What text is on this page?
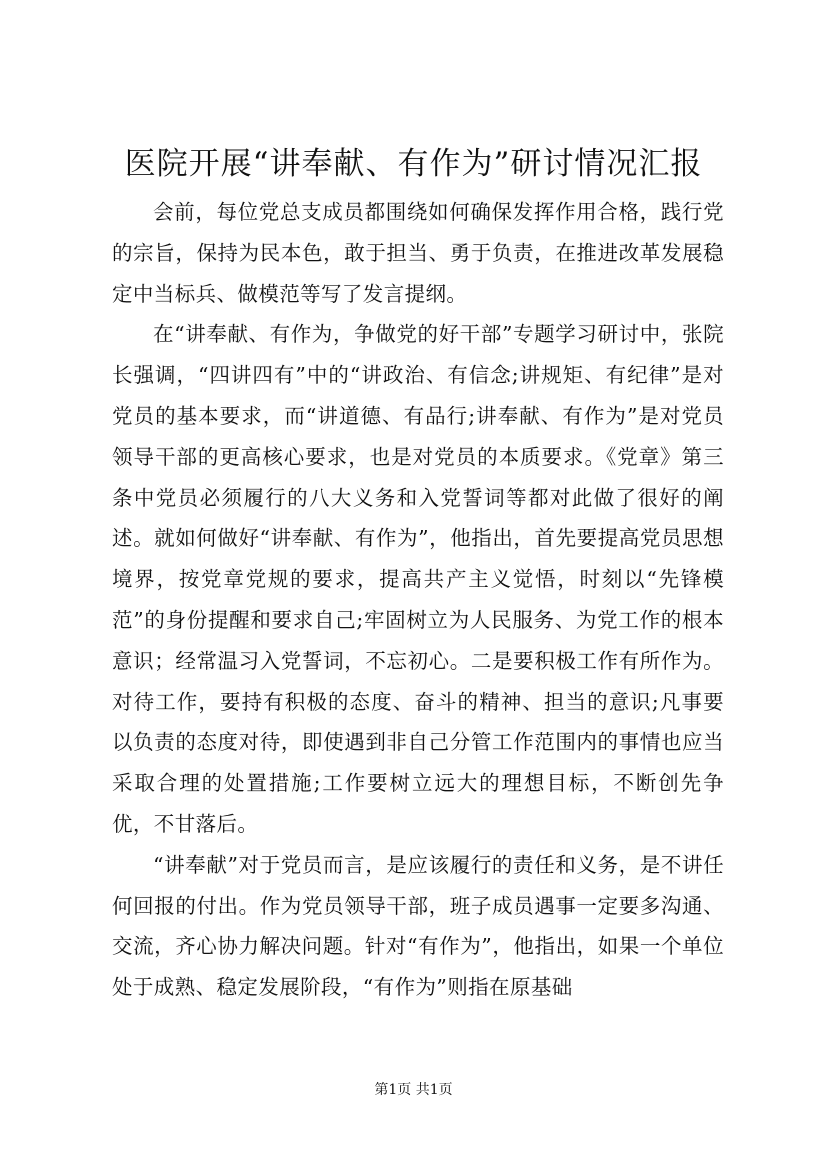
医院开展“讲奉献、有作为”研讨情况汇报

会前，每位党总支成员都围绕如何确保发挥作用合格，践行党的宗旨，保持为民本色，敢于担当、勇于负责，在推进改革发展稳定中当标兵、做模范等写了发言提纲。

在“讲奉献、有作为，争做党的好干部”专题学习研讨中，张院长强调，“四讲四有”中的“讲政治、有信念;讲规矩、有纪律”是对党员的基本要求，而“讲道德、有品行;讲奉献、有作为”是对党员领导干部的更高核心要求，也是对党员的本质要求。《党章》第三条中党员必须履行的八大义务和入党誓词等都对此做了很好的阐述。就如何做好“讲奉献、有作为”，他指出，首先要提高党员思想境界，按党章党规的要求，提高共产主义觉悟，时刻以“先锋模范”的身份提醒和要求自己;牢固树立为人民服务、为党工作的根本意识；经常温习入党誓词，不忘初心。二是要积极工作有所作为。对待工作，要持有积极的态度、奋斗的精神、担当的意识;凡事要以负责的态度对待，即使遇到非自己分管工作范围内的事情也应当采取合理的处置措施;工作要树立远大的理想目标，不断创先争优，不甘落后。

“讲奉献”对于党员而言，是应该履行的责任和义务，是不讲任何回报的付出。作为党员领导干部，班子成员遇事一定要多沟通、交流，齐心协力解决问题。针对“有作为”，他指出，如果一个单位处于成熟、稳定发展阶段，“有作为”则指在原基础

第1页 共1页
